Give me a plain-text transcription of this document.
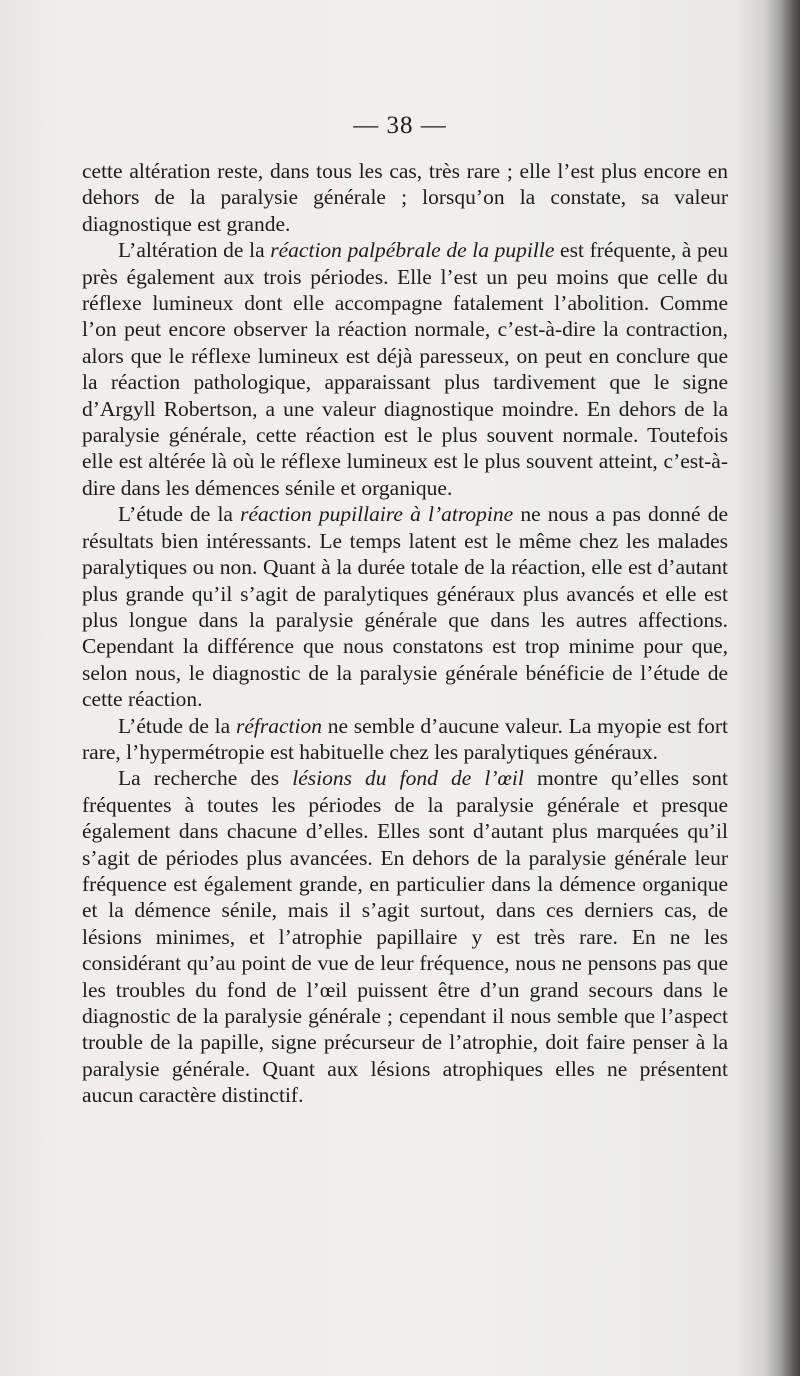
— 38 —

cette altération reste, dans tous les cas, très rare ; elle l’est plus encore en dehors de la paralysie générale ; lorsqu’on la constate, sa valeur diagnostique est grande.

L’altération de la réaction palpébrale de la pupille est fréquente, à peu près également aux trois périodes. Elle l’est un peu moins que celle du réflexe lumineux dont elle accompagne fatalement l’abolition. Comme l’on peut encore observer la réaction normale, c’est-à-dire la contraction, alors que le réflexe lumineux est déjà paresseux, on peut en conclure que la réaction pathologique, apparaissant plus tardivement que le signe d’Argyll Robertson, a une valeur diagnostique moindre. En dehors de la paralysie générale, cette réaction est le plus souvent normale. Toutefois elle est altérée là où le réflexe lumineux est le plus souvent atteint, c’est-à-dire dans les démences sénile et organique.

L’étude de la réaction pupillaire à l’atropine ne nous a pas donné de résultats bien intéressants. Le temps latent est le même chez les malades paralytiques ou non. Quant à la durée totale de la réaction, elle est d’autant plus grande qu’il s’agit de paralytiques généraux plus avancés et elle est plus longue dans la paralysie générale que dans les autres affections. Cependant la différence que nous constatons est trop minime pour que, selon nous, le diagnostic de la paralysie générale bénéficie de l’étude de cette réaction.

L’étude de la réfraction ne semble d’aucune valeur. La myopie est fort rare, l’hypermétropie est habituelle chez les paralytiques généraux.

La recherche des lésions du fond de l’œil montre qu’elles sont fréquentes à toutes les périodes de la paralysie générale et presque également dans chacune d’elles. Elles sont d’autant plus marquées qu’il s’agit de périodes plus avancées. En dehors de la paralysie générale leur fréquence est également grande, en particulier dans la démence organique et la démence sénile, mais il s’agit surtout, dans ces derniers cas, de lésions minimes, et l’atrophie papillaire y est très rare. En ne les considérant qu’au point de vue de leur fréquence, nous ne pensons pas que les troubles du fond de l’œil puissent être d’un grand secours dans le diagnostic de la paralysie générale ; cependant il nous semble que l’aspect trouble de la papille, signe précurseur de l’atrophie, doit faire penser à la paralysie générale. Quant aux lésions atrophiques elles ne présentent aucun caractère distinctif.
